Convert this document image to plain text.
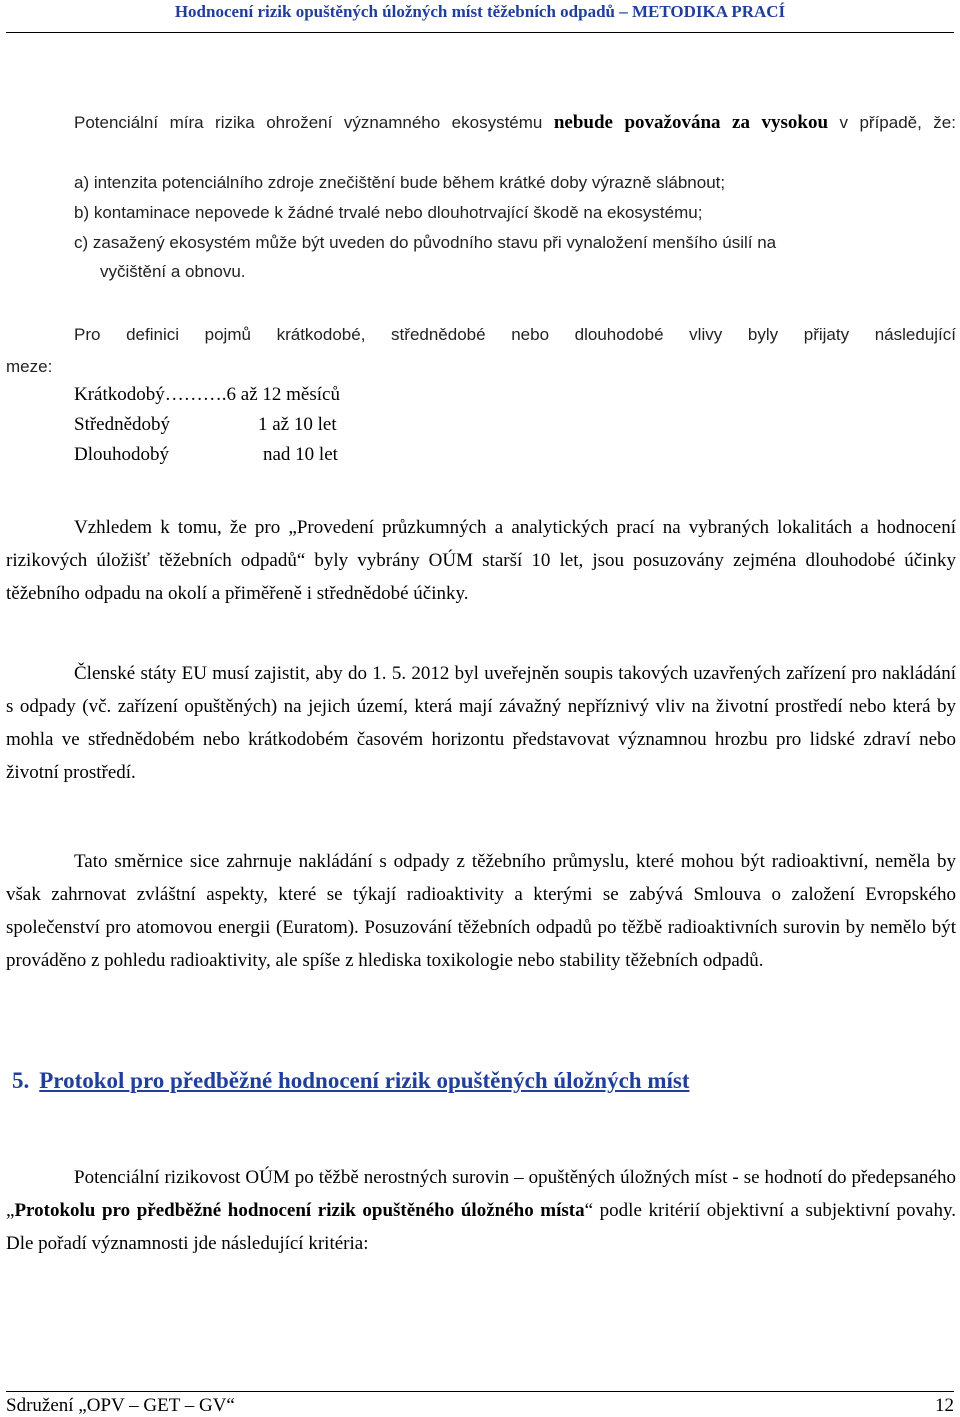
Hodnocení rizik opuštěných úložných míst těžebních odpadů – METODIKA PRACÍ
Potenciální míra rizika ohrožení významného ekosystému nebude považována za vysokou v případě, že:
a) intenzita potenciálního zdroje znečištění bude během krátké doby výrazně slábnout;
b) kontaminace nepovede k žádné trvalé nebo dlouhotrvající škodě na ekosystému;
c) zasažený ekosystém může být uveden do původního stavu při vynaložení menšího úsilí na
vyčištění a obnovu.
Pro definici pojmů krátkodobé, střednědobé nebo dlouhodobé vlivy byly přijaty následující
meze:
Krátkodobý……….6 až 12 měsíců
Střednědobý	1 až 10 let
Dlouhodobý	nad 10 let
Vzhledem k tomu, že pro „Provedení průzkumných a analytických prací na vybraných lokalitách a hodnocení rizikových úložišť těžebních odpadů“ byly vybrány OÚM starší 10 let, jsou posuzovány zejména dlouhodobé účinky těžebního odpadu na okolí a přiměřeně i střednědobé účinky.
Členské státy EU musí zajistit, aby do 1. 5. 2012 byl uveřejněn soupis takových uzavřených zařízení pro nakládání s odpady (vč. zařízení opuštěných) na jejich území, která mají závažný nepříznivý vliv na životní prostředí nebo která by mohla ve střednědobém nebo krátkodobém časovém horizontu představovat významnou hrozbu pro lidské zdraví nebo životní prostředí.
Tato směrnice sice zahrnuje nakládání s odpady z těžebního průmyslu, které mohou být radioaktivní, neměla by však zahrnovat zvláštní aspekty, které se týkají radioaktivity a kterými se zabývá Smlouva o založení Evropského společenství pro atomovou energii (Euratom). Posuzování těžebních odpadů po těžbě radioaktivních surovin by nemělo být prováděno z pohledu radioaktivity, ale spíše z hlediska toxikologie nebo stability těžebních odpadů.
5. Protokol pro předběžné hodnocení rizik opuštěných úložných míst
Potenciální rizikovost OÚM po těžbě nerostných surovin – opuštěných úložných míst - se hodnotí do předepsaného „Protokolu pro předběžné hodnocení rizik opuštěného úložného místa“ podle kritérií objektivní a subjektivní povahy. Dle pořadí významnosti jde následující kritéria:
Sdružení „OPV – GET – GV“	12
